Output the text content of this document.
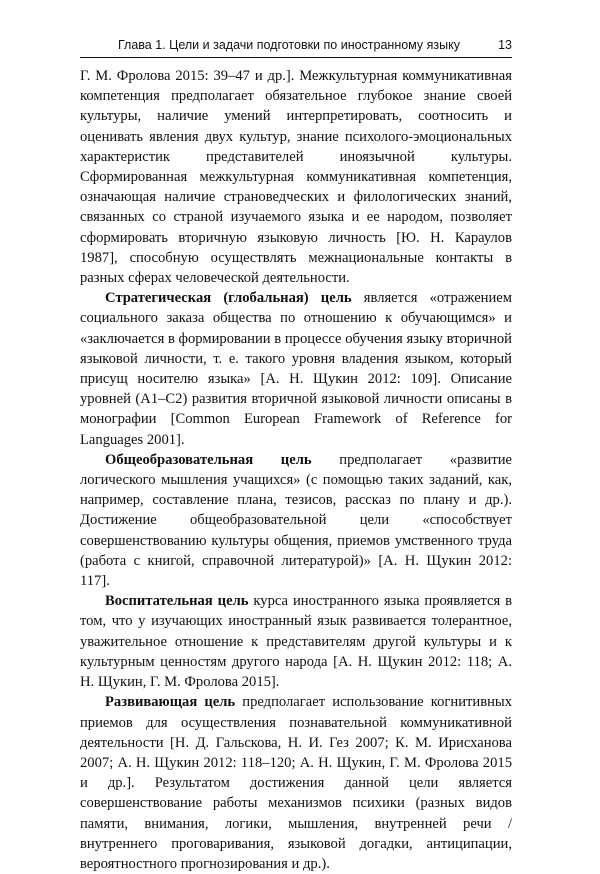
Глава 1. Цели и задачи подготовки по иностранному языку	13

Г. М. Фролова 2015: 39–47 и др.]. Межкультурная коммуникативная компетенция предполагает обязательное глубокое знание своей культуры, наличие умений интерпретировать, соотносить и оценивать явления двух культур, знание психолого-эмоциональных характеристик представителей иноязычной культуры. Сформированная межкультурная коммуникативная компетенция, означающая наличие страноведческих и филологических знаний, связанных со страной изучаемого языка и ее народом, позволяет сформировать вторичную языковую личность [Ю. Н. Караулов 1987], способную осуществлять межнациональные контакты в разных сферах человеческой деятельности.

Стратегическая (глобальная) цель является «отражением социального заказа общества по отношению к обучающимся» и «заключается в формировании в процессе обучения языку вторичной языковой личности, т. е. такого уровня владения языком, который присущ носителю языка» [А. Н. Щукин 2012: 109]. Описание уровней (А1–С2) развития вторичной языковой личности описаны в монографии [Common European Framework of Reference for Languages 2001].

Общеобразовательная цель предполагает «развитие логического мышления учащихся» (с помощью таких заданий, как, например, составление плана, тезисов, рассказ по плану и др.). Достижение общеобразовательной цели «способствует совершенствованию культуры общения, приемов умственного труда (работа с книгой, справочной литературой)» [А. Н. Щукин 2012: 117].

Воспитательная цель курса иностранного языка проявляется в том, что у изучающих иностранный язык развивается толерантное, уважительное отношение к представителям другой культуры и к культурным ценностям другого народа [А. Н. Щукин 2012: 118; А. Н. Щукин, Г. М. Фролова 2015].

Развивающая цель предполагает использование когнитивных приемов для осуществления познавательной коммуникативной деятельности [Н. Д. Гальскова, Н. И. Гез 2007; К. М. Ирисханова 2007; А. Н. Щукин 2012: 118–120; А. Н. Щукин, Г. М. Фролова 2015 и др.]. Результатом достижения данной цели является совершенствование работы механизмов психики (разных видов памяти, внимания, логики, мышления, внутренней речи / внутреннего проговаривания, языковой догадки, антиципации, вероятностного прогнозирования и др.).
